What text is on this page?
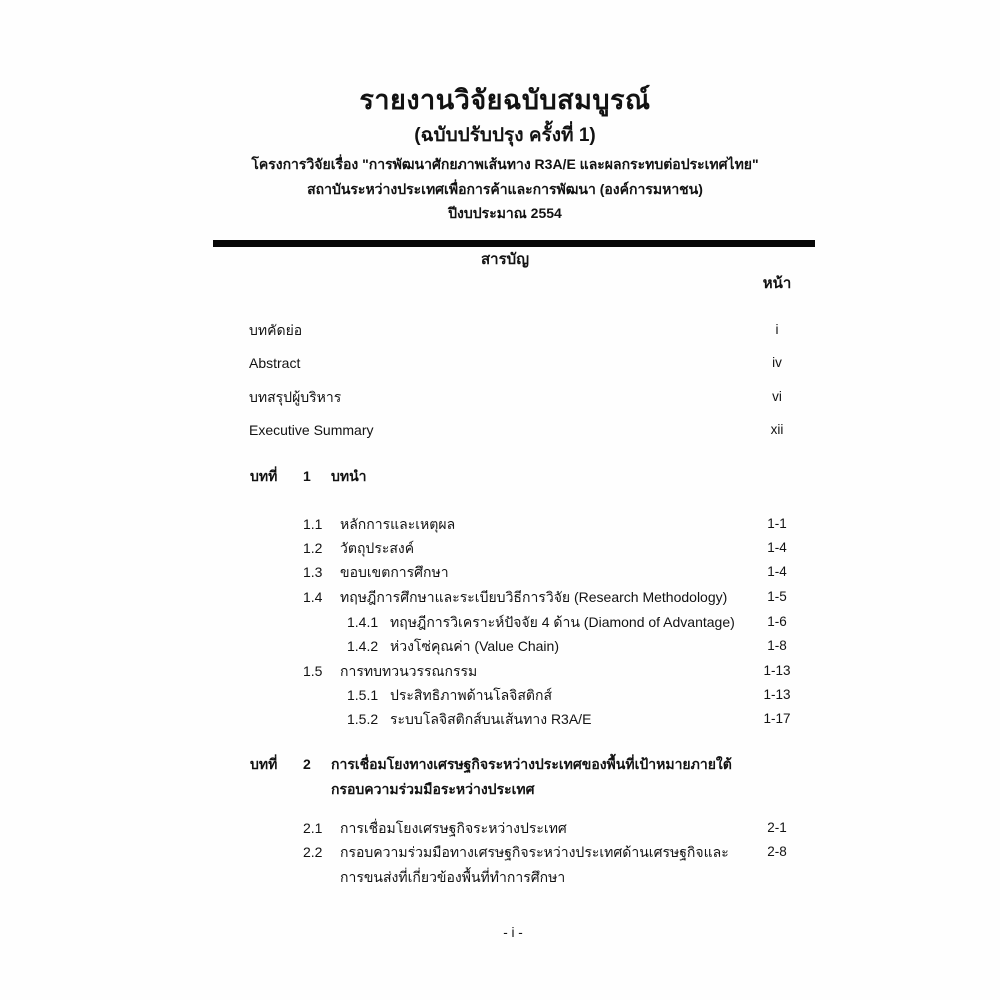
รายงานวิจัยฉบับสมบูรณ์
(ฉบับปรับปรุง ครั้งที่ 1)
โครงการวิจัยเรื่อง "การพัฒนาศักยภาพเส้นทาง R3A/E และผลกระทบต่อประเทศไทย"
สถาบันระหว่างประเทศเพื่อการค้าและการพัฒนา (องค์การมหาชน)
ปีงบประมาณ 2554
สารบัญ
หน้า
บทคัดย่อ	i
Abstract	iv
บทสรุปผู้บริหาร	vi
Executive Summary	xii
บทที่ 1 บทนำ
1.1 หลักการและเหตุผล	1-1
1.2 วัตถุประสงค์	1-4
1.3 ขอบเขตการศึกษา	1-4
1.4 ทฤษฎีการศึกษาและระเบียบวิธีการวิจัย (Research Methodology)	1-5
1.4.1 ทฤษฎีการวิเคราะห์ปัจจัย 4 ด้าน (Diamond of Advantage)	1-6
1.4.2 ห่วงโซ่คุณค่า (Value Chain)	1-8
1.5 การทบทวนวรรณกรรม	1-13
1.5.1 ประสิทธิภาพด้านโลจิสติกส์	1-13
1.5.2 ระบบโลจิสติกส์บนเส้นทาง R3A/E	1-17
บทที่ 2 การเชื่อมโยงทางเศรษฐกิจระหว่างประเทศของพื้นที่เป้าหมายภายใต้
กรอบความร่วมมือระหว่างประเทศ
2.1 การเชื่อมโยงเศรษฐกิจระหว่างประเทศ	2-1
2.2 กรอบความร่วมมือทางเศรษฐกิจระหว่างประเทศด้านเศรษฐกิจและ	2-8
การขนส่งที่เกี่ยวข้องพื้นที่ทำการศึกษา
- i -
